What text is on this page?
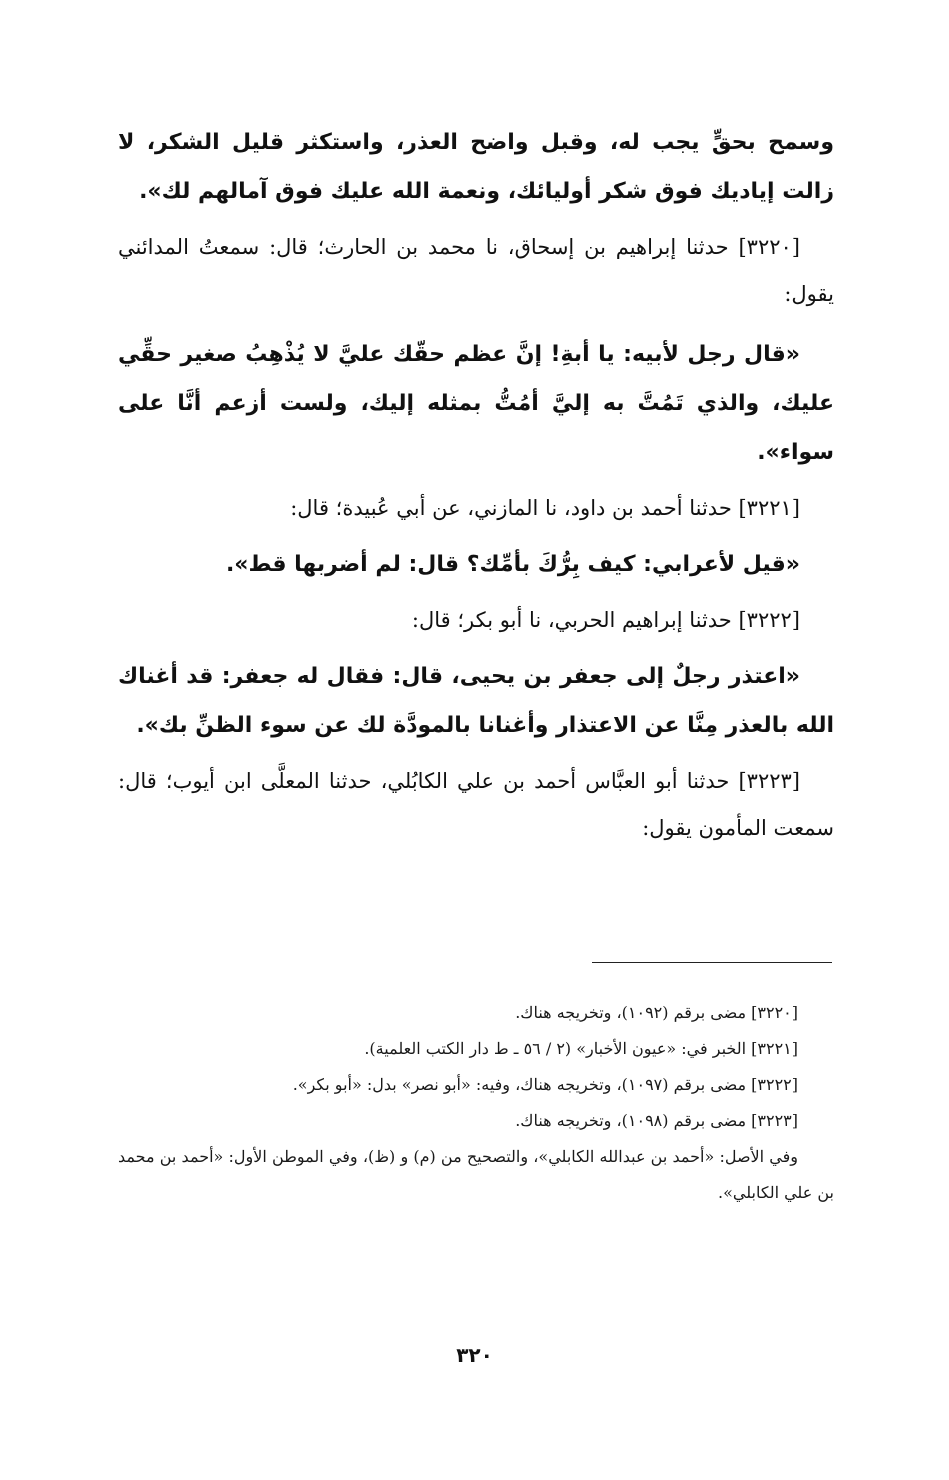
وسمح بحقٍّ يجب له، وقبل واضح العذر، واستكثر قليل الشكر، لا زالت إياديك فوق شكر أوليائك، ونعمة الله عليك فوق آمالهم لك».

[٣٢٢٠] حدثنا إبراهيم بن إسحاق، نا محمد بن الحارث؛ قال: سمعتُ المدائني يقول:

«قال رجل لأبيه: يا أبةِ! إنَّ عظم حقّك عليَّ لا يُذْهِبُ صغير حقِّي عليك، والذي تَمُتَّ به إليَّ أمُتُّ بمثله إليك، ولست أزعم أنَّا على سواء».

[٣٢٢١] حدثنا أحمد بن داود، نا المازني، عن أبي عُبيدة؛ قال:

«قيل لأعرابي: كيف بِرُّكَ بأمِّك؟ قال: لم أضربها قط».

[٣٢٢٢] حدثنا إبراهيم الحربي، نا أبو بكر؛ قال:

«اعتذر رجلٌ إلى جعفر بن يحيى، قال: فقال له جعفر: قد أغناك الله بالعذر مِنَّا عن الاعتذار وأغنانا بالمودَّة لك عن سوء الظنِّ بك».

[٣٢٢٣] حدثنا أبو العبَّاس أحمد بن علي الكابُلي، حدثنا المعلَّى ابن أيوب؛ قال: سمعت المأمون يقول:

[٣٢٢٠] مضى برقم (١٠٩٢)، وتخريجه هناك.

[٣٢٢١] الخبر في: «عيون الأخبار» (٢ / ٥٦ ـ ط دار الكتب العلمية).

[٣٢٢٢] مضى برقم (١٠٩٧)، وتخريجه هناك، وفيه: «أبو نصر» بدل: «أبو بكر».

[٣٢٢٣] مضى برقم (١٠٩٨)، وتخريجه هناك.

وفي الأصل: «أحمد بن عبدالله الكابلي»، والتصحيح من (م) و (ظ)، وفي الموطن الأول: «أحمد بن محمد بن علي الكابلي».

٣٢٠
